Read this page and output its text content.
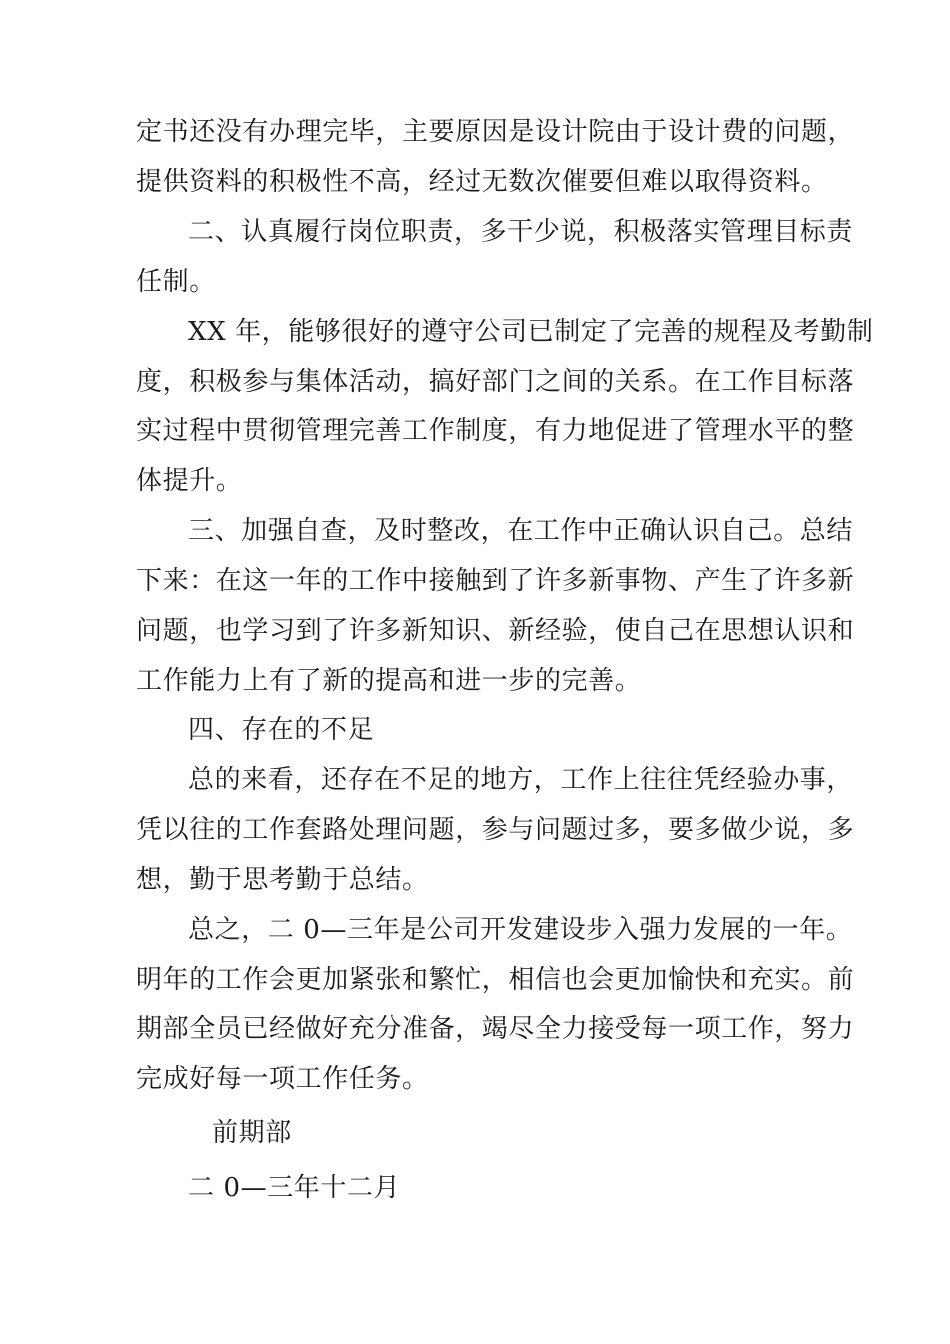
定书还没有办理完毕，主要原因是设计院由于设计费的问题，
提供资料的积极性不高，经过无数次催要但难以取得资料。
二、认真履行岗位职责，多干少说，积极落实管理目标责
任制。
XX 年，能够很好的遵守公司已制定了完善的规程及考勤制
度，积极参与集体活动，搞好部门之间的关系。在工作目标落
实过程中贯彻管理完善工作制度，有力地促进了管理水平的整
体提升。
三、加强自查，及时整改，在工作中正确认识自己。总结
下来：在这一年的工作中接触到了许多新事物、产生了许多新
问题，也学习到了许多新知识、新经验，使自己在思想认识和
工作能力上有了新的提高和进一步的完善。
四、存在的不足
总的来看，还存在不足的地方，工作上往往凭经验办事，
凭以往的工作套路处理问题，参与问题过多，要多做少说，多
想，勤于思考勤于总结。
总之，二 0—三年是公司开发建设步入强力发展的一年。
明年的工作会更加紧张和繁忙，相信也会更加愉快和充实。前
期部全员已经做好充分准备，竭尽全力接受每一项工作，努力
完成好每一项工作任务。
前期部
二 0—三年十二月
